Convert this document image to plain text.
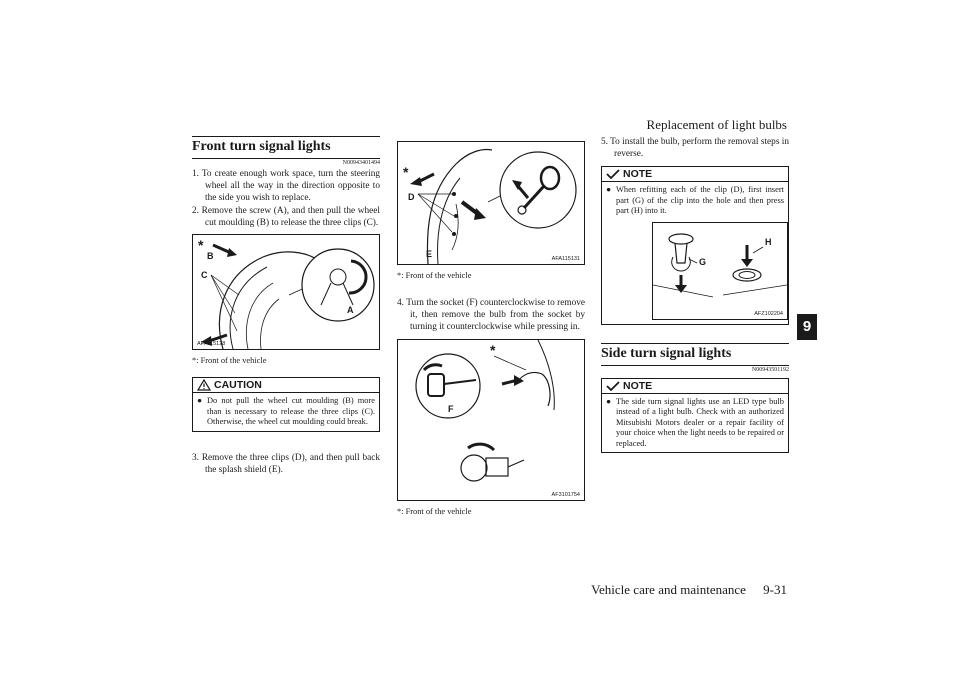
Replacement of light bulbs
Vehicle care and maintenance 9-31
9
Front turn signal lights
N00943401494

1. To create enough work space, turn the steering wheel all the way in the direction opposite to the side you wish to replace.

2. Remove the screw (A), and then pull the wheel cut moulding (B) to release the three clips (C).

*
B
C
A
AFA115128
*: Front of the vehicle
CAUTION
● Do not pull the wheel cut moulding (B) more than is necessary to release the three clips (C). Otherwise, the wheel cut moulding could break.

3. Remove the three clips (D), and then pull back the splash shield (E).

*
D
E	AFA115131
*: Front of the vehicle

4. Turn the socket (F) counterclockwise to remove it, then remove the bulb from the socket by turning it counterclockwise while pressing in.

*
F
AF3101754
*: Front of the vehicle

5. To install the bulb, perform the removal steps in reverse.

NOTE
● When refitting each of the clip (D), first insert part (G) of the clip into the hole and then press part (H) into it.
G
H
AFZ102204
Side turn signal lights
N00943501192
NOTE
● The side turn signal lights use an LED type bulb instead of a light bulb. Check with an authorized Mitsubishi Motors dealer or a repair facility of your choice when the light needs to be repaired or replaced.
